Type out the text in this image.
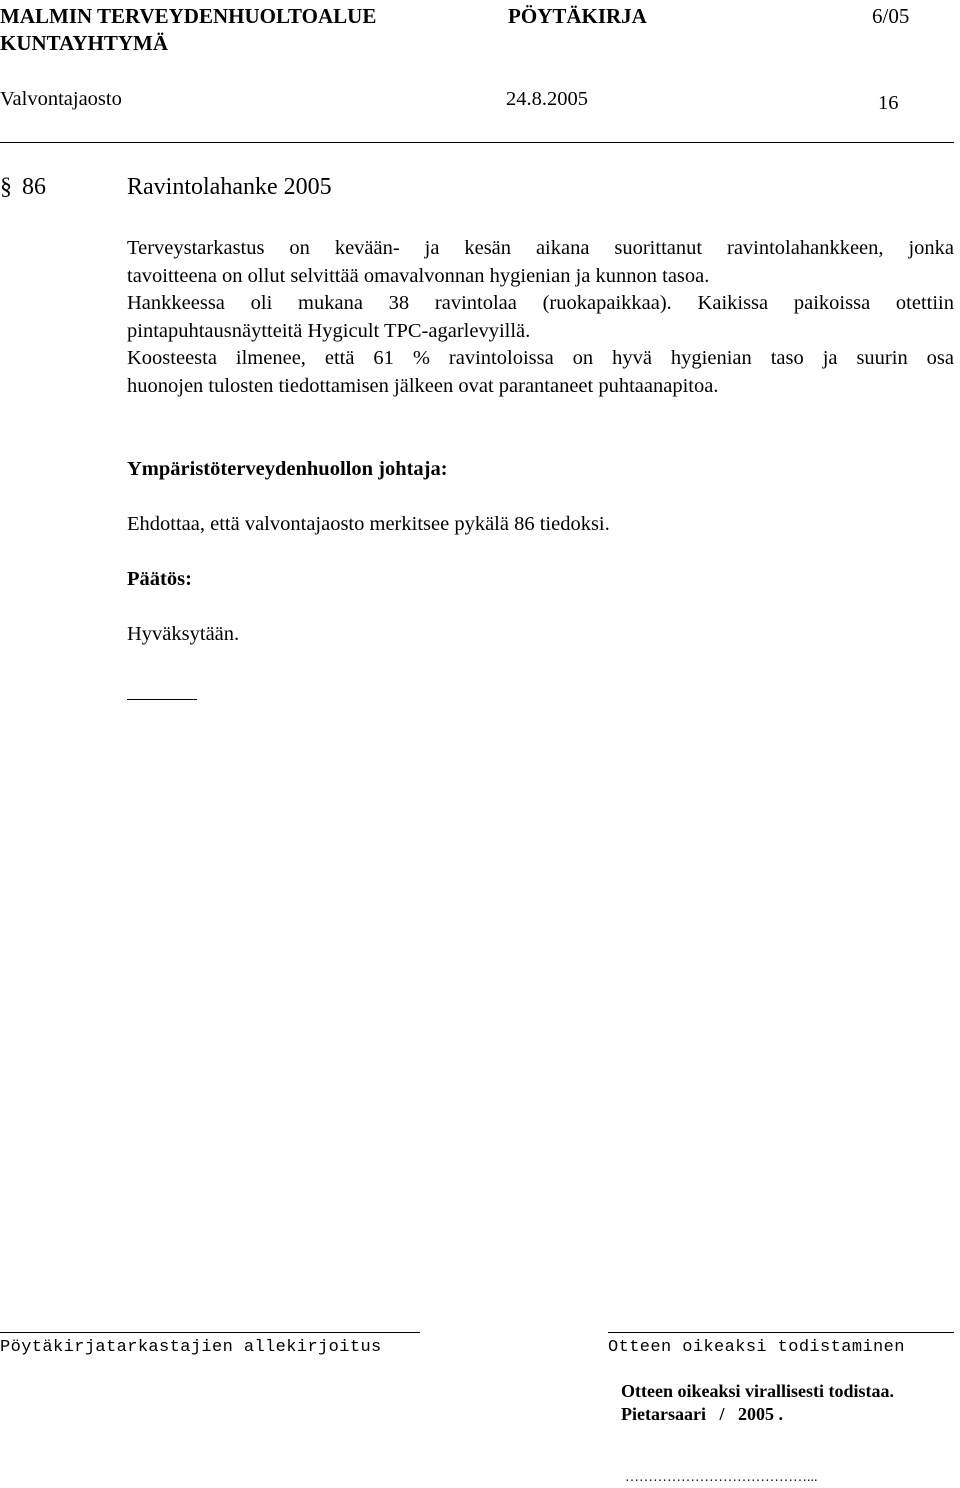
MALMIN TERVEYDENHUOLTOALUE
KUNTAYHTYMÄ
PÖYTÄKIRJA	6/05
Valvontajaosto	24.8.2005	16
§ 86	Ravintolahanke 2005
Terveystarkastus on kevään- ja kesän aikana suorittanut ravintolahankkeen, jonka
tavoitteena on ollut selvittää omavalvonnan hygienian ja kunnon tasoa.
Hankkeessa oli mukana 38 ravintolaa (ruokapaikkaa). Kaikissa paikoissa otettiin
pintapuhtausnäytteitä Hygicult TPC-agarlevyillä.
Koosteesta ilmenee, että 61 % ravintoloissa on hyvä hygienian taso ja suurin osa
huonojen tulosten tiedottamisen jälkeen ovat parantaneet puhtaanapitoa.
Ympäristöterveydenhuollon johtaja:
Ehdottaa, että valvontajaosto merkitsee pykälä 86 tiedoksi.
Päätös:
Hyväksytään.
Pöytäkirjatarkastajien allekirjoitus	Otteen oikeaksi todistaminen
Otteen oikeaksi virallisesti todistaa.
Pietarsaari   /   2005 .
…………………………………...
